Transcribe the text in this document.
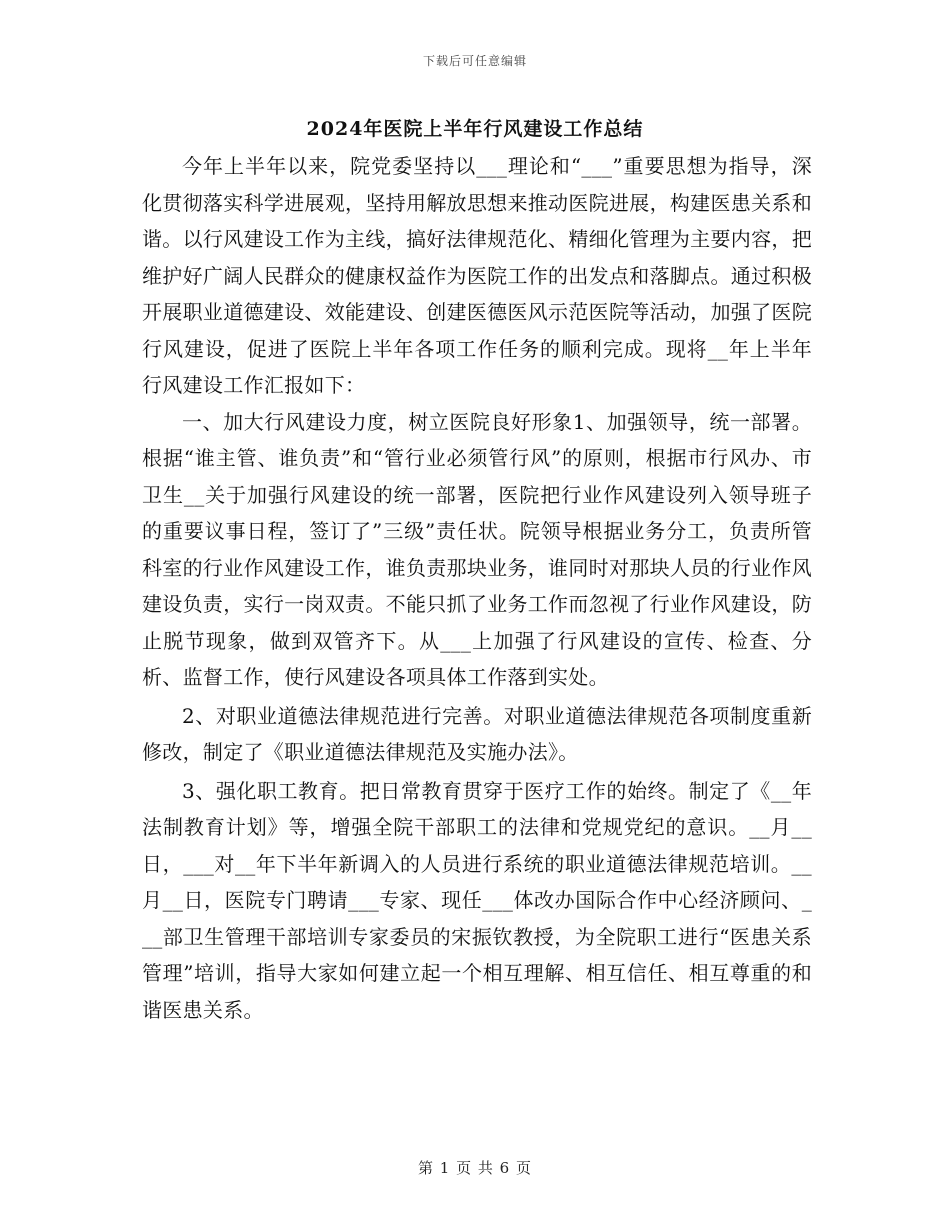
下载后可任意编辑
2024年医院上半年行风建设工作总结

今年上半年以来，院党委坚持以___理论和“___”重要思想为指导，深化贯彻落实科学进展观，坚持用解放思想来推动医院进展，构建医患关系和谐。以行风建设工作为主线，搞好法律规范化、精细化管理为主要内容，把维护好广阔人民群众的健康权益作为医院工作的出发点和落脚点。通过积极开展职业道德建设、效能建设、创建医德医风示范医院等活动，加强了医院行风建设，促进了医院上半年各项工作任务的顺利完成。现将__年上半年行风建设工作汇报如下：

一、加大行风建设力度，树立医院良好形象1、加强领导，统一部署。根据“谁主管、谁负责”和“管行业必须管行风”的原则，根据市行风办、市卫生__关于加强行风建设的统一部署，医院把行业作风建设列入领导班子的重要议事日程，签订了”三级”责任状。院领导根据业务分工，负责所管科室的行业作风建设工作，谁负责那块业务，谁同时对那块人员的行业作风建设负责，实行一岗双责。不能只抓了业务工作而忽视了行业作风建设，防止脱节现象，做到双管齐下。从___上加强了行风建设的宣传、检查、分析、监督工作，使行风建设各项具体工作落到实处。

2、对职业道德法律规范进行完善。对职业道德法律规范各项制度重新修改，制定了《职业道德法律规范及实施办法》。

3、强化职工教育。把日常教育贯穿于医疗工作的始终。制定了《__年法制教育计划》等，增强全院干部职工的法律和党规党纪的意识。__月__日，___对__年下半年新调入的人员进行系统的职业道德法律规范培训。__月__日，医院专门聘请___专家、现任___体改办国际合作中心经济顾问、___部卫生管理干部培训专家委员的宋振钦教授，为全院职工进行“医患关系管理”培训，指导大家如何建立起一个相互理解、相互信任、相互尊重的和谐医患关系。

第 1 页 共 6 页
